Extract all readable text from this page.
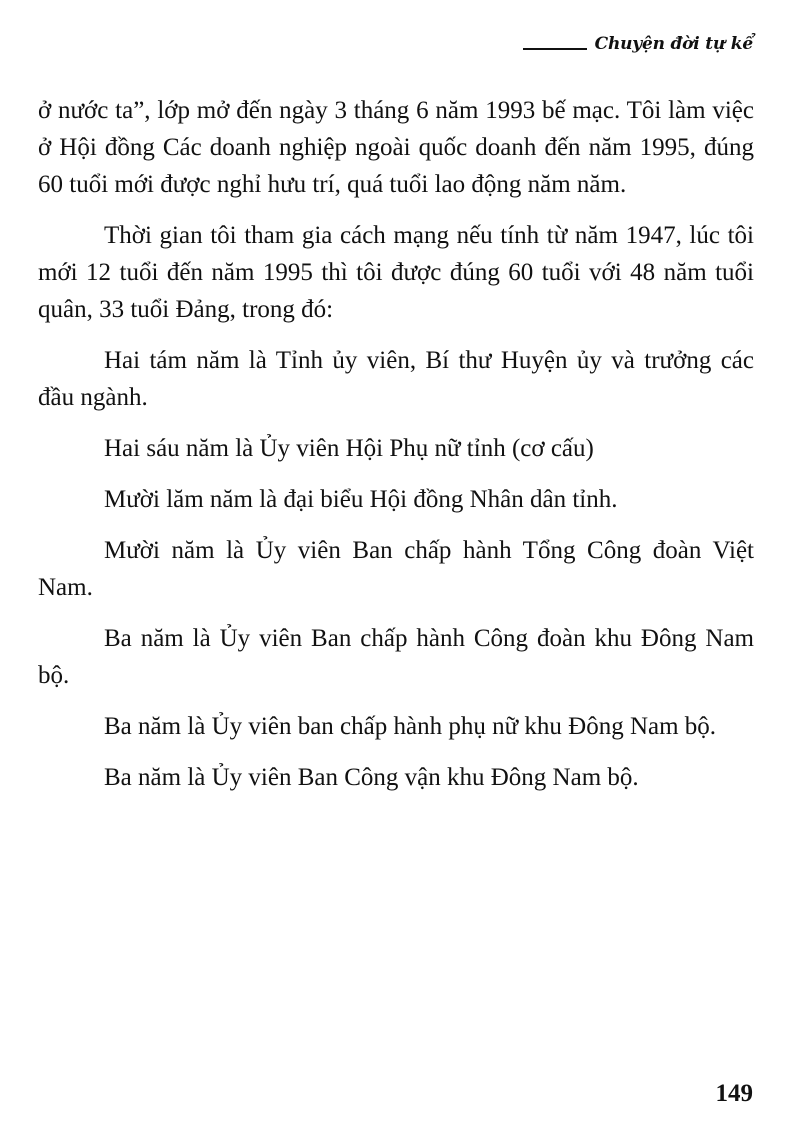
Chuyện đời tự kể

ở nước ta”, lớp mở đến ngày 3 tháng 6 năm 1993 bế mạc. Tôi làm việc ở Hội đồng Các doanh nghiệp ngoài quốc doanh đến năm 1995, đúng 60 tuổi mới được nghỉ hưu trí, quá tuổi lao động năm năm.

Thời gian tôi tham gia cách mạng nếu tính từ năm 1947, lúc tôi mới 12 tuổi đến năm 1995 thì tôi được đúng 60 tuổi với 48 năm tuổi quân, 33 tuổi Đảng, trong đó:

Hai tám năm là Tỉnh ủy viên, Bí thư Huyện ủy và trưởng các đầu ngành.

Hai sáu năm là Ủy viên Hội Phụ nữ tỉnh (cơ cấu)

Mười lăm năm là đại biểu Hội đồng Nhân dân tỉnh.

Mười năm là Ủy viên Ban chấp hành Tổng Công đoàn Việt Nam.

Ba năm là Ủy viên Ban chấp hành Công đoàn khu Đông Nam bộ.

Ba năm là Ủy viên ban chấp hành phụ nữ khu Đông Nam bộ.

Ba năm là Ủy viên Ban Công vận khu Đông Nam bộ.

149
